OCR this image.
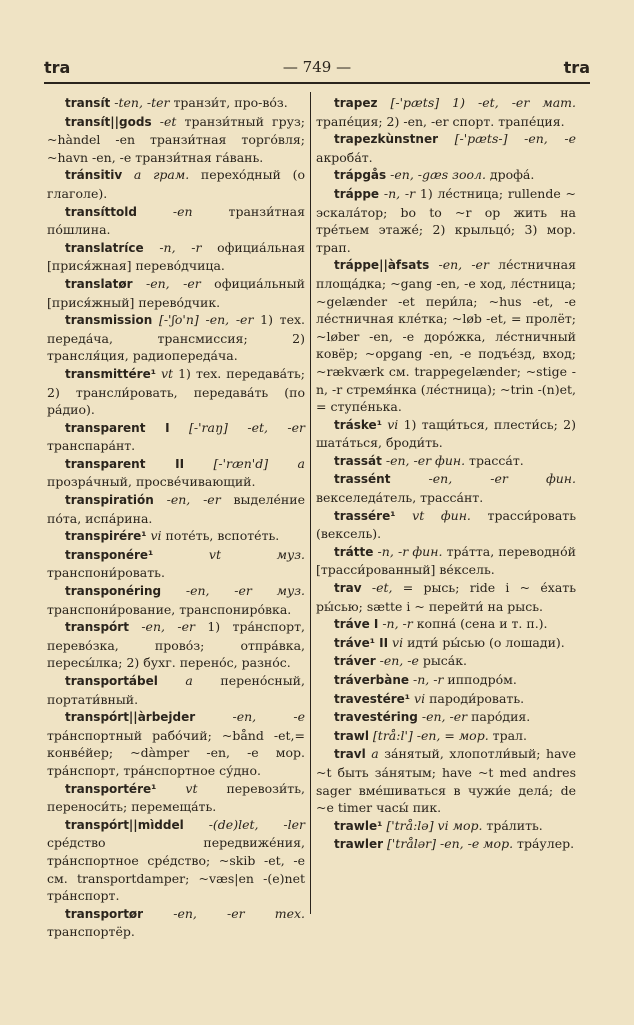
tra	— 749 —	tra

transít -ten, -ter транзи́т, про-во́з.

transít||gods -et транзи́тный груз; ~hàndel -en транзи́тная торго́вля; ~havn -en, -e транзи́тная га́вань.

tránsitiv a грам. перехо́дный (о глаголе).

transíttold -en транзи́тная по́шлина.

translatríce -n, -r официа́льная [прися́жная] перево́дчица.

translatør -en, -er официа́льный [прися́жный] перево́дчик.

transmission [-'ʃo'n] -en, -er 1) тех. переда́ча, трансмиссия; 2) трансля́ция, радиопереда́ча.

transmittére¹ vt 1) тех. передава́ть; 2) трансли́ровать, передава́ть (по ра́дио).

transparent I [-'raŋ] -et, -er транспара́нт.

transparent II [-'ræn'd] a прозра́чный, просве́чивающий.

transpiratión -en, -er выделе́ние по́та, испа́рина.

transpirére¹ vi поте́ть, вспоте́ть.

transponére¹ vt муз. транспони́ровать.

transponéring -en, -er муз. транспони́рование, транспониро́вка.

transpórt -en, -er 1) тра́нспорт, перево́зка, прово́з; отпра́вка, пересы́лка; 2) бухг. перено́с, разно́с.

transportábel a перено́сный, портати́вный.

transpórt||àrbejder -en, -e тра́нспортный рабо́чий; ~bånd -et,= конве́йер; ~dàmper -en, -e мор. тра́нспорт, тра́нспортное су́дно.

transportére¹ vt перевози́ть, переноси́ть; перемеща́ть.

transpórt||mìddel -(de)let, -ler сре́дство передвиже́ния, тра́нспортное сре́дство; ~skib -et, -e см. transportdamper; ~væs|en -(e)net тра́нспорт.

transportør -en, -er тех. транспортёр.

trapez [-'pæts] 1) -et, -er мат. трапе́ция; 2) -en, -er спорт. трапе́ция.

trapezkùnstner [-'pæts-] -en, -e акроба́т.

trápgås -en, -gæs зоол. дрофа́.

tráppe -n, -r 1) ле́стница; rullende ~ эскала́тор; bo to ~r op жить на тре́тьем этаже́; 2) крыльцо́; 3) мор. трап.

tráppe||àfsats -en, -er ле́стничная площа́дка; ~gang -en, -e ход, ле́стница; ~gelænder -et пери́ла; ~hus -et, -e ле́стничная кле́тка; ~løb -et, = пролёт; ~løber -en, -e доро́жка, ле́стничный ковёр; ~opgang -en, -e подъе́зд, вход; ~rækværk см. trappegelænder; ~stige -n, -r стремя́нка (ле́стница); ~trin -(n)et, = ступе́нька.

tráske¹ vi 1) тащи́ться, плести́сь; 2) шата́ться, броди́ть.

trassát -en, -er фин. трасса́т.

trassént -en, -er фин. векселеда́тель, трасса́нт.

trassére¹ vt фин. трасси́ровать (вексель).

trátte -n, -r фин. тра́тта, переводно́й [трасси́рованный] ве́ксель.

trav -et, = рысь; ride i ~ е́хать ры́сью; sætte i ~ перейти́ на рысь.

tráve I -n, -r копна́ (сена и т. п.).

tráve¹ II vi идти́ ры́сью (о лошади).

tráver -en, -e рыса́к.

tráverbàne -n, -r ипподро́м.

travestére¹ vi пароди́ровать.

travestéring -en, -er паро́дия.

trawl [trå:l'] -en, = мор. трал.

travl a за́нятый, хлопотли́вый; have ~t быть за́нятым; have ~t med andres sager вме́шиваться в чужи́е дела́; de ~e timer часы́ пик.

trawle¹ ['trå:lə] vi мор. тра́лить.

trawler ['trålər] -en, -e мор. тра́улер.
